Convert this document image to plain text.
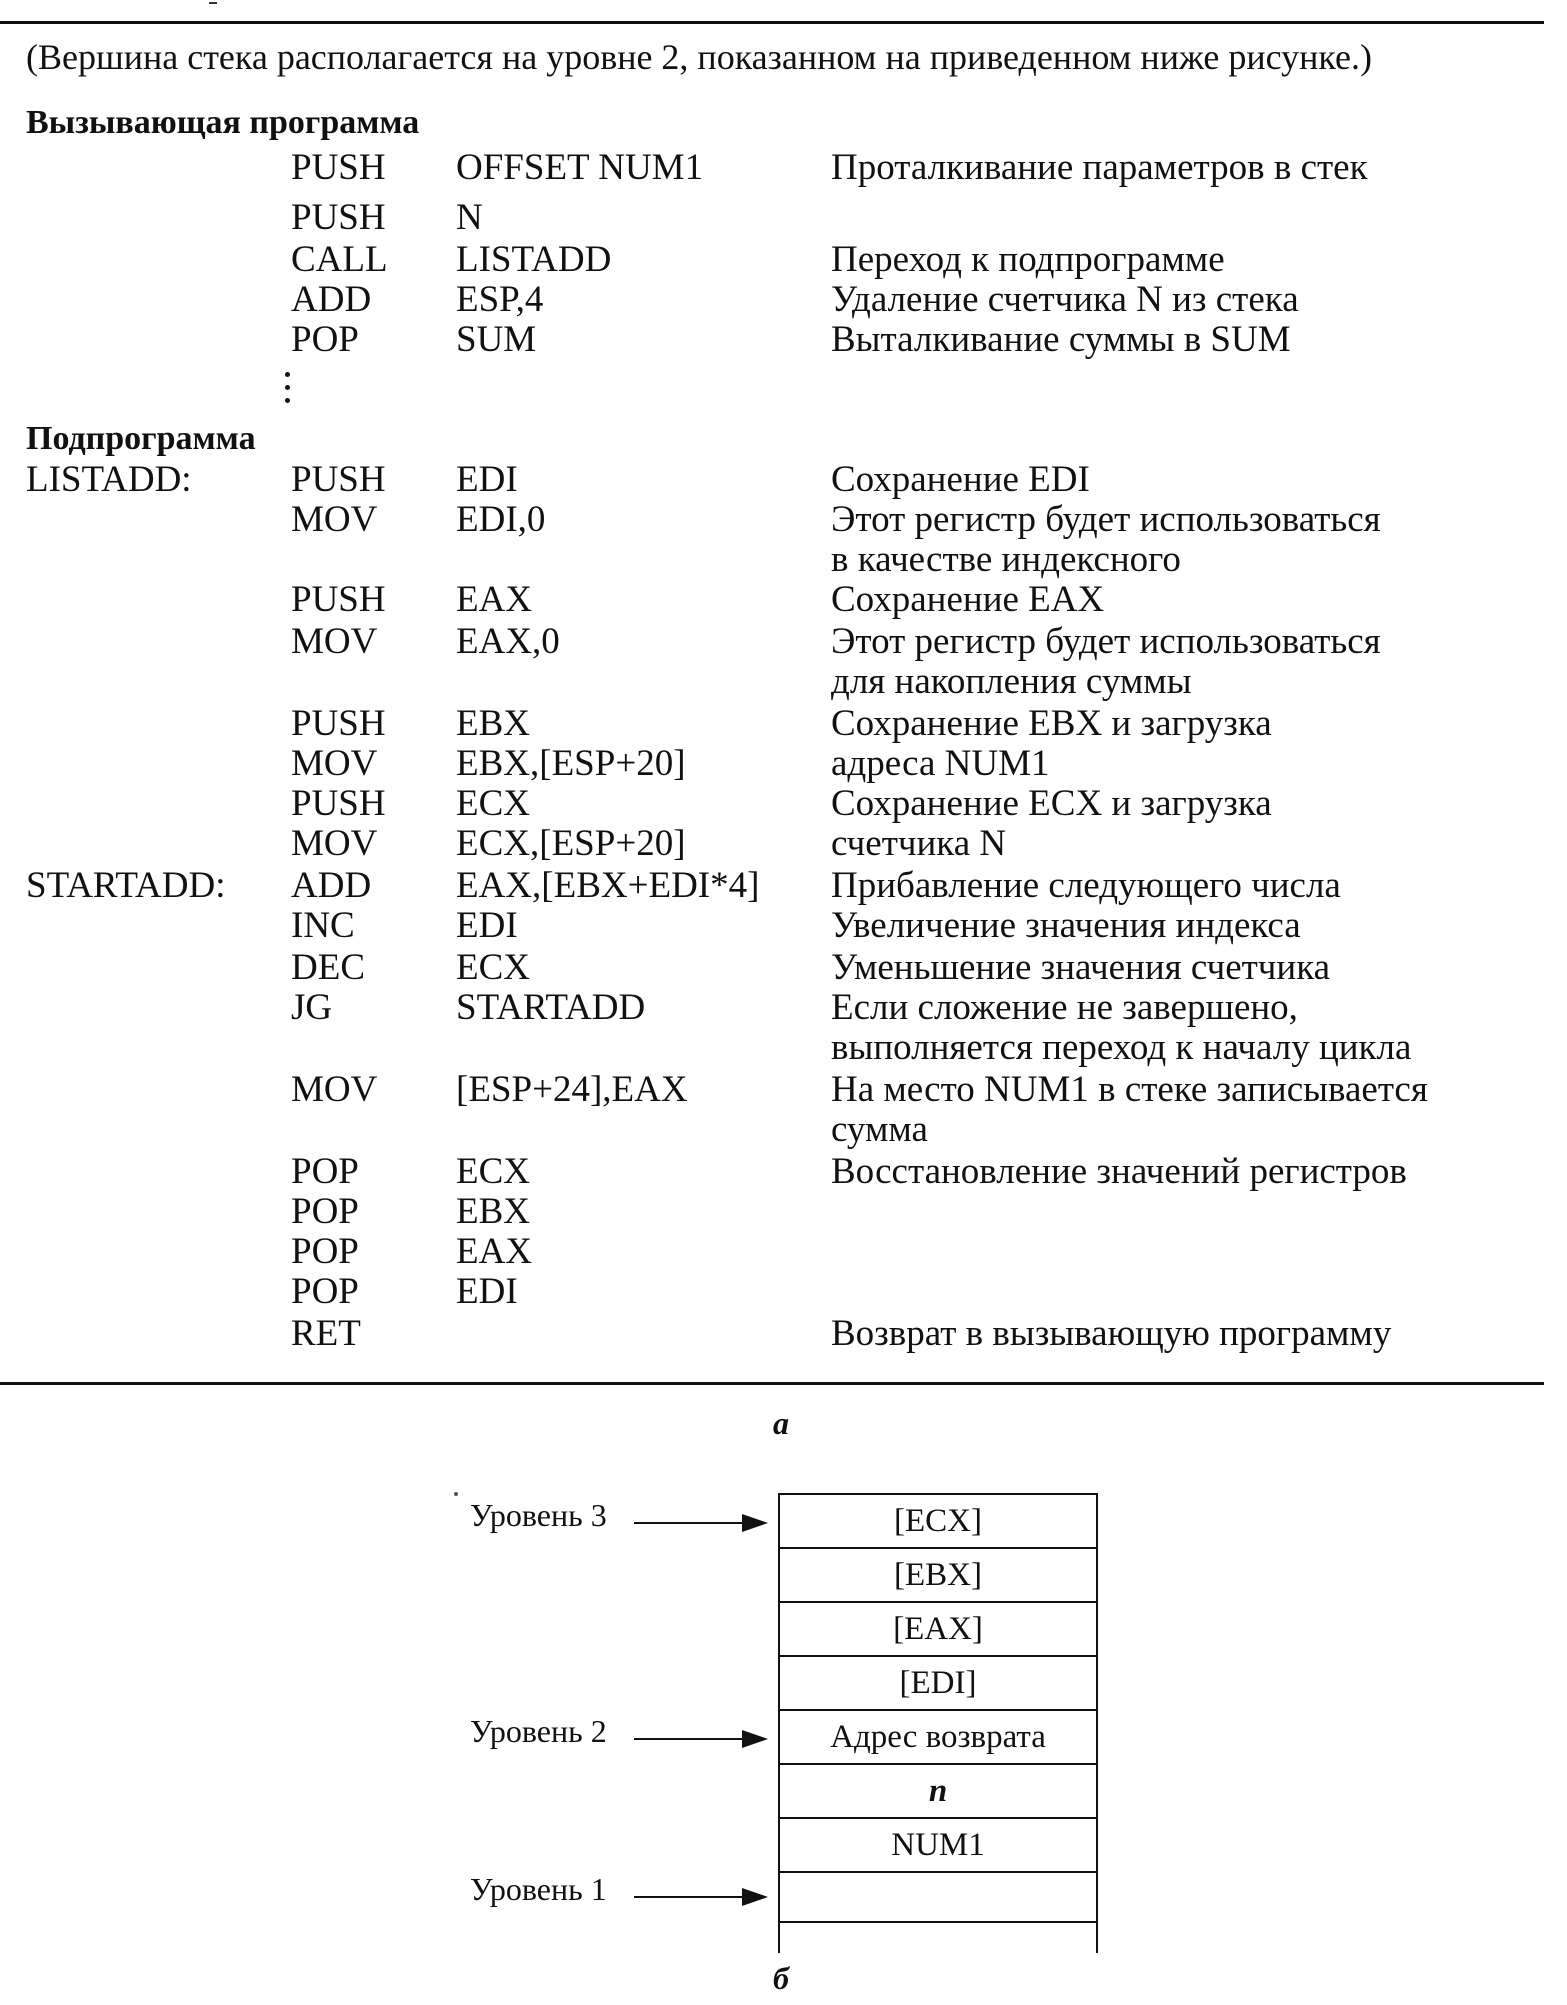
(Вершина стека располагается на уровне 2, показанном на приведенном ниже рисунке.)
Вызывающая программа
PUSH OFFSET NUM1	Проталкивание параметров в стек
PUSH N
CALL LISTADD	Переход к подпрограмме
ADD ESP,4	Удаление счетчика N из стека
POP	SUM	Выталкивание суммы в SUM
LISTADD:	PUSH EDI	Сохранение EDI
MOV EDI,0	Этот регистр будет использоваться
в качестве индексного
PUSH EAX	Сохранение EAX
MOV EAX,0	Этот регистр будет использоваться
для накопления суммы
PUSH EBX	Сохранение EBX и загрузка
MOV EBX,[ESP+20]	адреса NUM1
PUSH ECX	Сохранение ECX и загрузка
MOV ECX,[ESP+20]	счетчика N
STARTADD: ADD EAX,[EBX+EDI*4] Прибавление следующего числа
INC	EDI	Увеличение значения индекса
DEC ECX	Уменьшение значения счетчика
JG	STARTADD	Если сложение не завершено,
выполняется переход к началу цикла
MOV [ESP+24],EAX	На место NUM1 в стеке записывается
сумма
POP	ECX	Восстановление значений регистров
POP	EBX
POP	EAX
POP	EDI
RET	Возврат в вызывающую программу
Подпрограмма
а
[ECX]
[EBX]
[EAX]
[EDI]
Адрес возврата
n
NUM1
Уровень 3
Уровень 2
Уровень 1
б
